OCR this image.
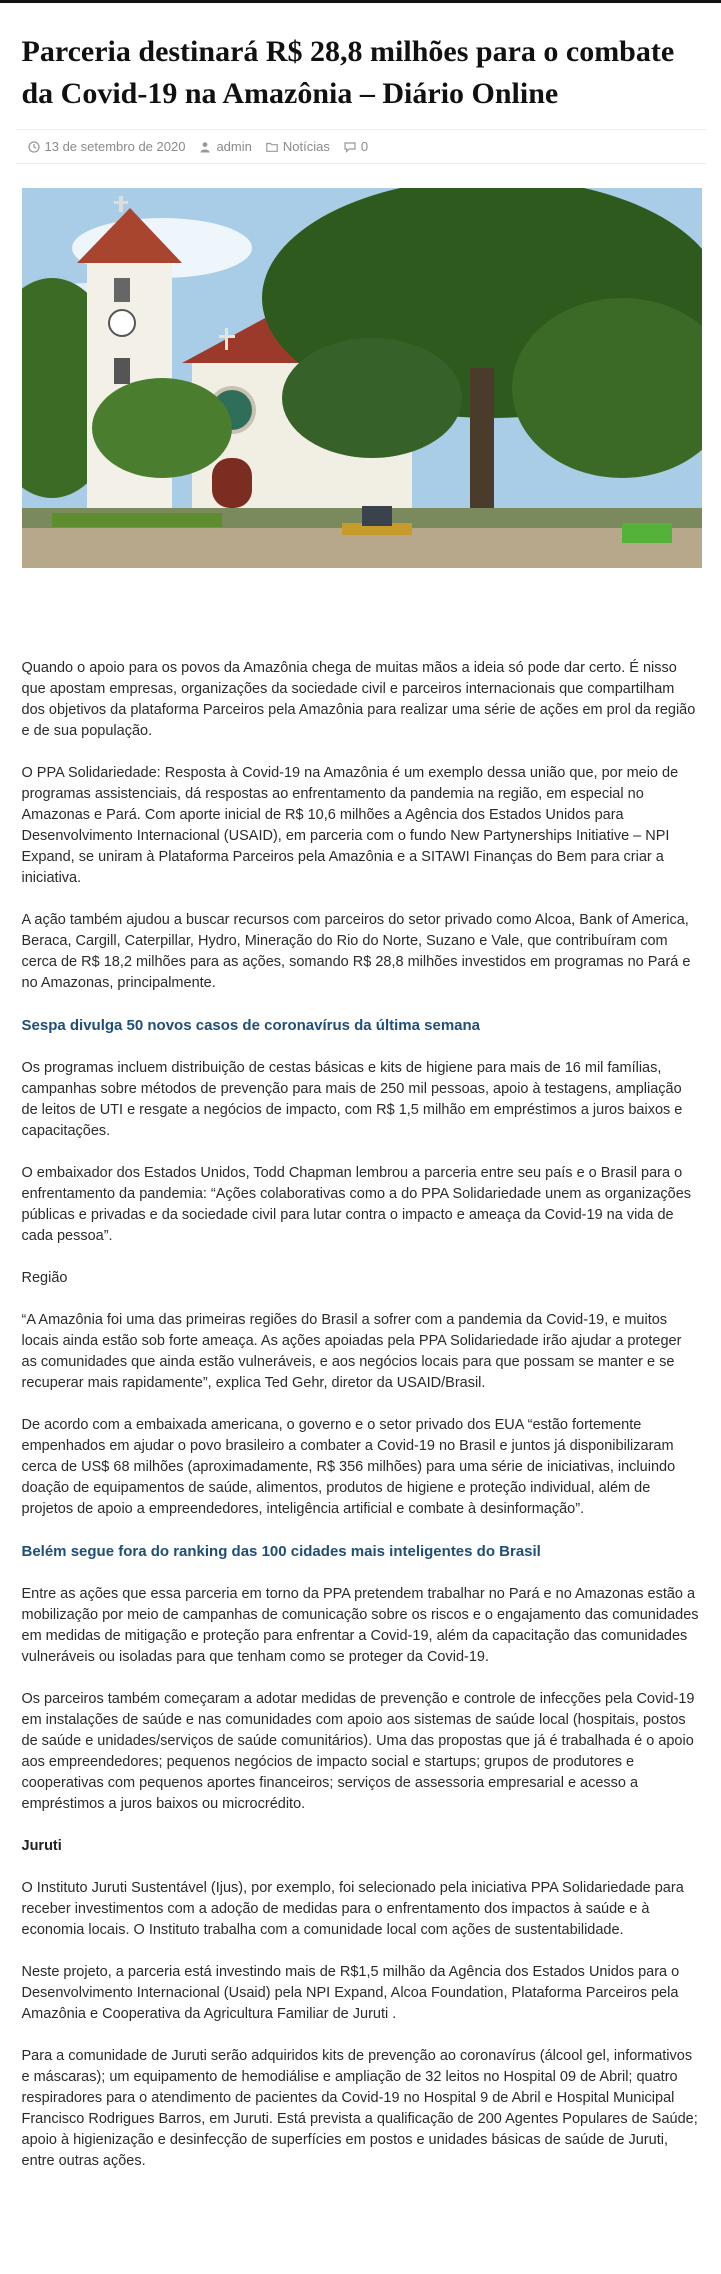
Parceria destinará R$ 28,8 milhões para o combate da Covid-19 na Amazônia – Diário Online
13 de setembro de 2020 admin Notícias 0

Quando o apoio para os povos da Amazônia chega de muitas mãos a ideia só pode dar certo. É nisso que apostam empresas, organizações da sociedade civil e parceiros internacionais que compartilham dos objetivos da plataforma Parceiros pela Amazônia para realizar uma série de ações em prol da região e de sua população.

O PPA Solidariedade: Resposta à Covid-19 na Amazônia é um exemplo dessa união que, por meio de programas assistenciais, dá respostas ao enfrentamento da pandemia na região, em especial no Amazonas e Pará. Com aporte inicial de R$ 10,6 milhões a Agência dos Estados Unidos para Desenvolvimento Internacional (USAID), em parceria com o fundo New Partynerships Initiative – NPI Expand, se uniram à Plataforma Parceiros pela Amazônia e a SITAWI Finanças do Bem para criar a iniciativa.

A ação também ajudou a buscar recursos com parceiros do setor privado como Alcoa, Bank of America, Beraca, Cargill, Caterpillar, Hydro, Mineração do Rio do Norte, Suzano e Vale, que contribuíram com cerca de R$ 18,2 milhões para as ações, somando R$ 28,8 milhões investidos em programas no Pará e no Amazonas, principalmente.

Sespa divulga 50 novos casos de coronavírus da última semana

Os programas incluem distribuição de cestas básicas e kits de higiene para mais de 16 mil famílias, campanhas sobre métodos de prevenção para mais de 250 mil pessoas, apoio à testagens, ampliação de leitos de UTI e resgate a negócios de impacto, com R$ 1,5 milhão em empréstimos a juros baixos e capacitações.

O embaixador dos Estados Unidos, Todd Chapman lembrou a parceria entre seu país e o Brasil para o enfrentamento da pandemia: “Ações colaborativas como a do PPA Solidariedade unem as organizações públicas e privadas e da sociedade civil para lutar contra o impacto e ameaça da Covid-19 na vida de cada pessoa”.

Região

“A Amazônia foi uma das primeiras regiões do Brasil a sofrer com a pandemia da Covid-19, e muitos locais ainda estão sob forte ameaça. As ações apoiadas pela PPA Solidariedade irão ajudar a proteger as comunidades que ainda estão vulneráveis, e aos negócios locais para que possam se manter e se recuperar mais rapidamente”, explica Ted Gehr, diretor da USAID/Brasil.

De acordo com a embaixada americana, o governo e o setor privado dos EUA “estão fortemente empenhados em ajudar o povo brasileiro a combater a Covid-19 no Brasil e juntos já disponibilizaram cerca de US$ 68 milhões (aproximadamente, R$ 356 milhões) para uma série de iniciativas, incluindo doação de equipamentos de saúde, alimentos, produtos de higiene e proteção individual, além de projetos de apoio a empreendedores, inteligência artificial e combate à desinformação”.

Belém segue fora do ranking das 100 cidades mais inteligentes do Brasil

Entre as ações que essa parceria em torno da PPA pretendem trabalhar no Pará e no Amazonas estão a mobilização por meio de campanhas de comunicação sobre os riscos e o engajamento das comunidades em medidas de mitigação e proteção para enfrentar a Covid-19, além da capacitação das comunidades vulneráveis ou isoladas para que tenham como se proteger da Covid-19.

Os parceiros também começaram a adotar medidas de prevenção e controle de infecções pela Covid-19 em instalações de saúde e nas comunidades com apoio aos sistemas de saúde local (hospitais, postos de saúde e unidades/serviços de saúde comunitários). Uma das propostas que já é trabalhada é o apoio aos empreendedores; pequenos negócios de impacto social e startups; grupos de produtores e cooperativas com pequenos aportes financeiros; serviços de assessoria empresarial e acesso a empréstimos a juros baixos ou microcrédito.

Juruti

O Instituto Juruti Sustentável (Ijus), por exemplo, foi selecionado pela iniciativa PPA Solidariedade para receber investimentos com a adoção de medidas para o enfrentamento dos impactos à saúde e à economia locais. O Instituto trabalha com a comunidade local com ações de sustentabilidade.

Neste projeto, a parceria está investindo mais de R$1,5 milhão da Agência dos Estados Unidos para o Desenvolvimento Internacional (Usaid) pela NPI Expand, Alcoa Foundation, Plataforma Parceiros pela Amazônia e Cooperativa da Agricultura Familiar de Juruti .

Para a comunidade de Juruti serão adquiridos kits de prevenção ao coronavírus (álcool gel, informativos e máscaras); um equipamento de hemodiálise e ampliação de 32 leitos no Hospital 09 de Abril; quatro respiradores para o atendimento de pacientes da Covid-19 no Hospital 9 de Abril e Hospital Municipal Francisco Rodrigues Barros, em Juruti. Está prevista a qualificação de 200 Agentes Populares de Saúde; apoio à higienização e desinfecção de superfícies em postos e unidades básicas de saúde de Juruti, entre outras ações.
